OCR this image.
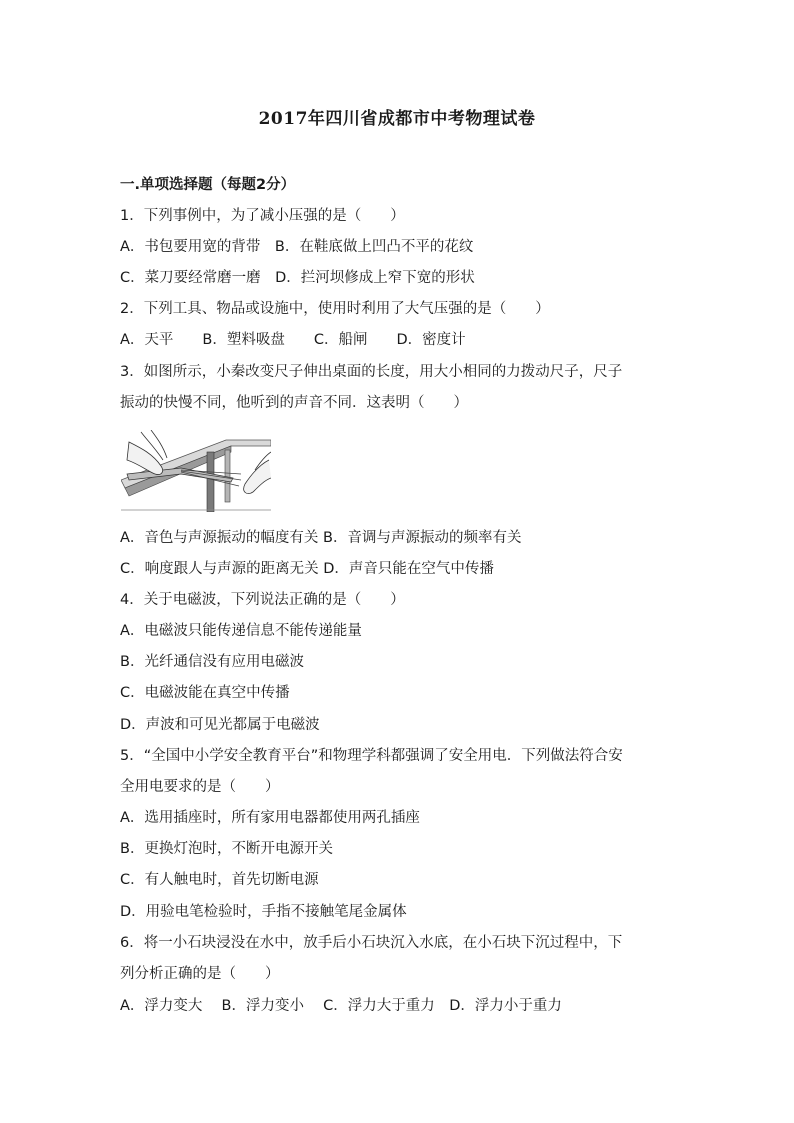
2017年四川省成都市中考物理试卷
一.单项选择题（每题2分）
1．下列事例中，为了减小压强的是（　　）
A．书包要用宽的背带　B．在鞋底做上凹凸不平的花纹
C．菜刀要经常磨一磨　D．拦河坝修成上窄下宽的形状
2．下列工具、物品或设施中，使用时利用了大气压强的是（　　）
A．天平　　B．塑料吸盘　　C．船闸　　D．密度计
3．如图所示，小秦改变尺子伸出桌面的长度，用大小相同的力拨动尺子，尺子
振动的快慢不同，他听到的声音不同．这表明（　　）
A．音色与声源振动的幅度有关 B．音调与声源振动的频率有关
C．响度跟人与声源的距离无关 D．声音只能在空气中传播
4．关于电磁波，下列说法正确的是（　　）
A．电磁波只能传递信息不能传递能量
B．光纤通信没有应用电磁波
C．电磁波能在真空中传播
D．声波和可见光都属于电磁波
5．“全国中小学安全教育平台”和物理学科都强调了安全用电．下列做法符合安
全用电要求的是（　　）
A．选用插座时，所有家用电器都使用两孔插座
B．更换灯泡时，不断开电源开关
C．有人触电时，首先切断电源
D．用验电笔检验时，手指不接触笔尾金属体
6．将一小石块浸没在水中，放手后小石块沉入水底，在小石块下沉过程中，下
列分析正确的是（　　）
A．浮力变大　 B．浮力变小　 C．浮力大于重力　D．浮力小于重力
